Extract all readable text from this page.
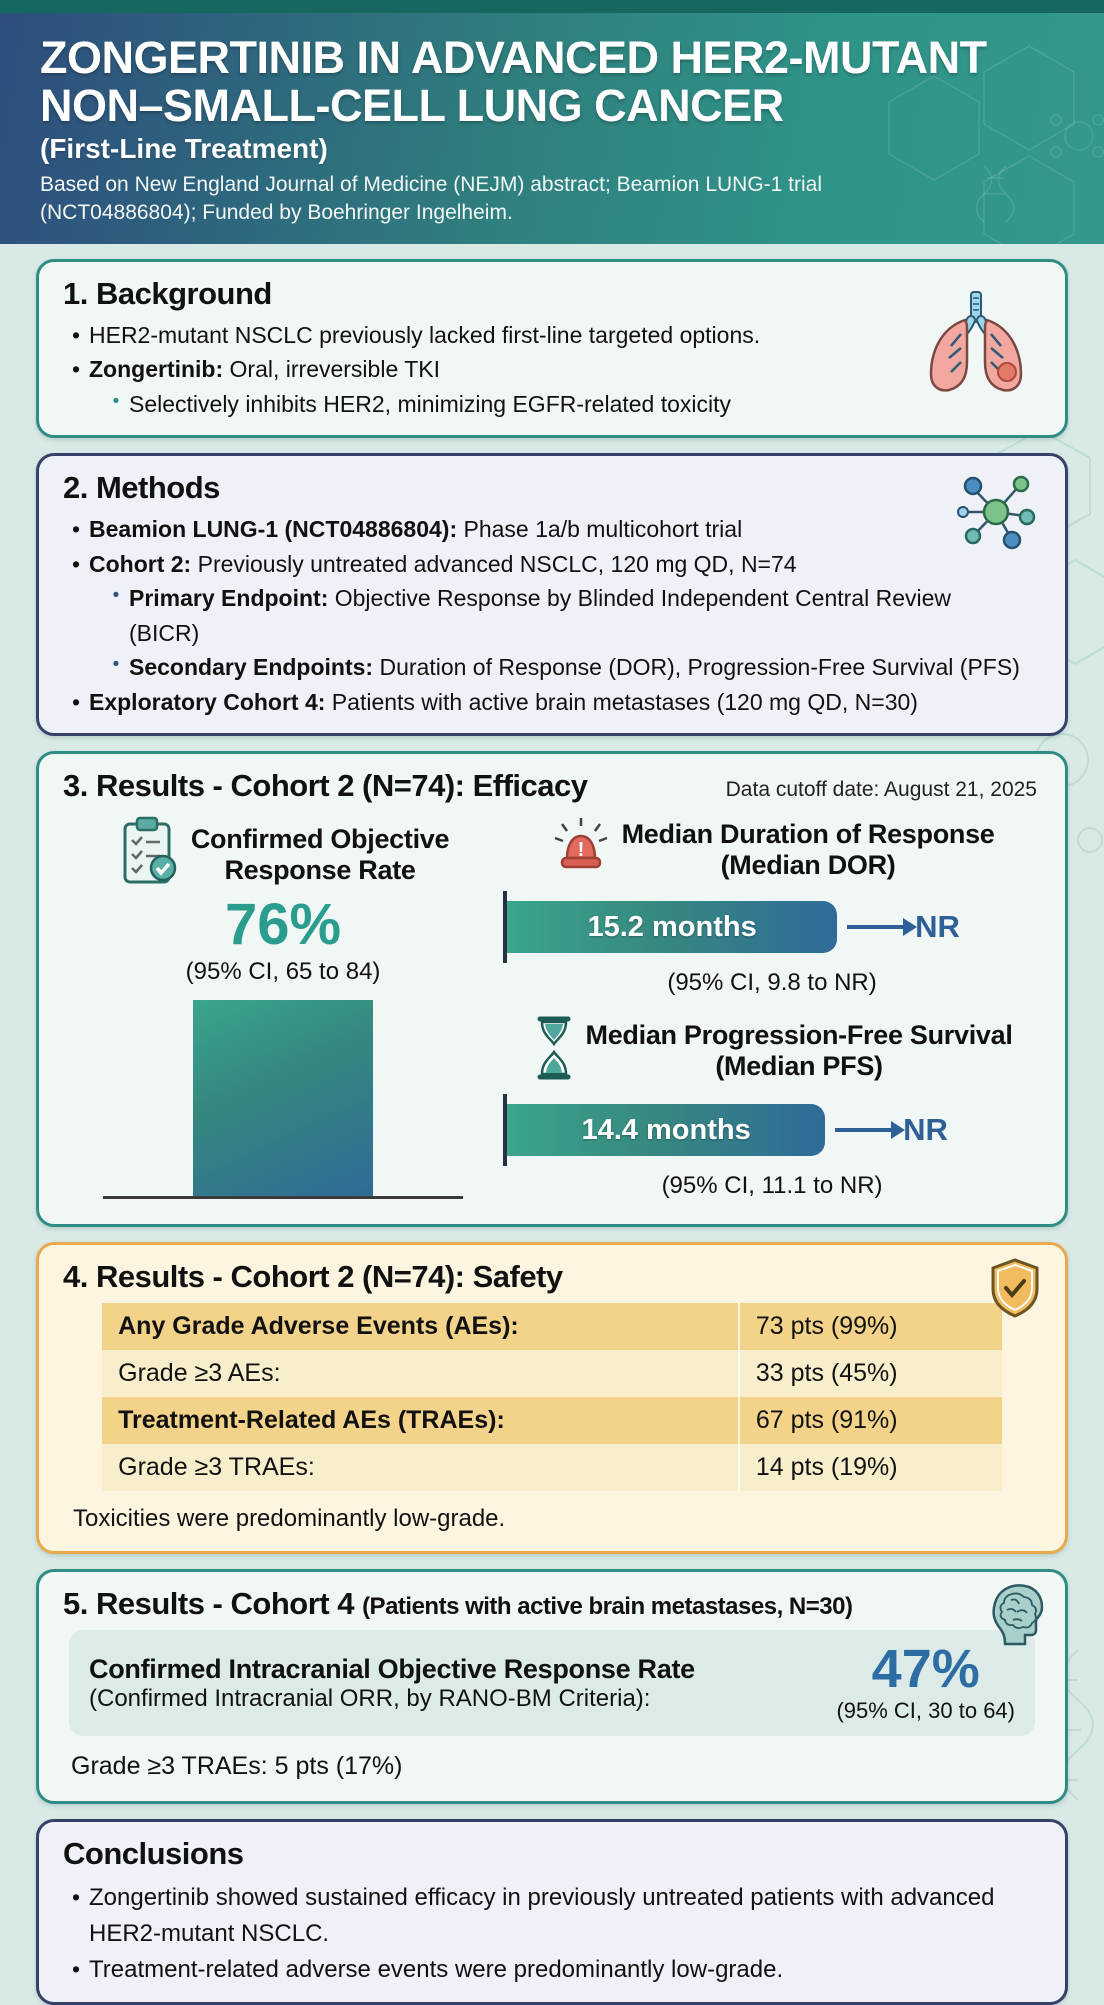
ZONGERTINIB IN ADVANCED HER2-MUTANT
NON–SMALL-CELL LUNG CANCER
(First-Line Treatment)
Based on New England Journal of Medicine (NEJM) abstract; Beamion LUNG-1 trial (NCT04886804); Funded by Boehringer Ingelheim.
1. Background
• HER2-mutant NSCLC previously lacked first-line targeted options.
• Zongertinib: Oral, irreversible TKI
• Selectively inhibits HER2, minimizing EGFR-related toxicity
2. Methods
• Beamion LUNG-1 (NCT04886804): Phase 1a/b multicohort trial
• Cohort 2: Previously untreated advanced NSCLC, 120 mg QD, N=74
• Primary Endpoint: Objective Response by Blinded Independent Central Review (BICR)
• Secondary Endpoints: Duration of Response (DOR), Progression-Free Survival (PFS)
• Exploratory Cohort 4: Patients with active brain metastases (120 mg QD, N=30)
3. Results - Cohort 2 (N=74): Efficacy	Data cutoff date: August 21, 2025
Confirmed Objective
Response Rate
76%
(95% CI, 65 to 84)
!
Median Duration of Response
(Median DOR)
15.2 months	NR
(95% CI, 9.8 to NR)
Median Progression-Free Survival
(Median PFS)
14.4 months	NR
(95% CI, 11.1 to NR)
4. Results - Cohort 2 (N=74): Safety
Any Grade Adverse Events (AEs):	73 pts (99%)
Grade ≥3 AEs:	33 pts (45%)
Treatment-Related AEs (TRAEs):	67 pts (91%)
Grade ≥3 TRAEs:	14 pts (19%)
Toxicities were predominantly low-grade.
5. Results - Cohort 4 (Patients with active brain metastases, N=30)
Confirmed Intracranial Objective Response Rate
(Confirmed Intracranial ORR, by RANO-BM Criteria):	47%
(95% CI, 30 to 64)
Grade ≥3 TRAEs: 5 pts (17%)
Conclusions
• Zongertinib showed sustained efficacy in previously untreated patients with advanced HER2-mutant NSCLC.
• Treatment-related adverse events were predominantly low-grade.
